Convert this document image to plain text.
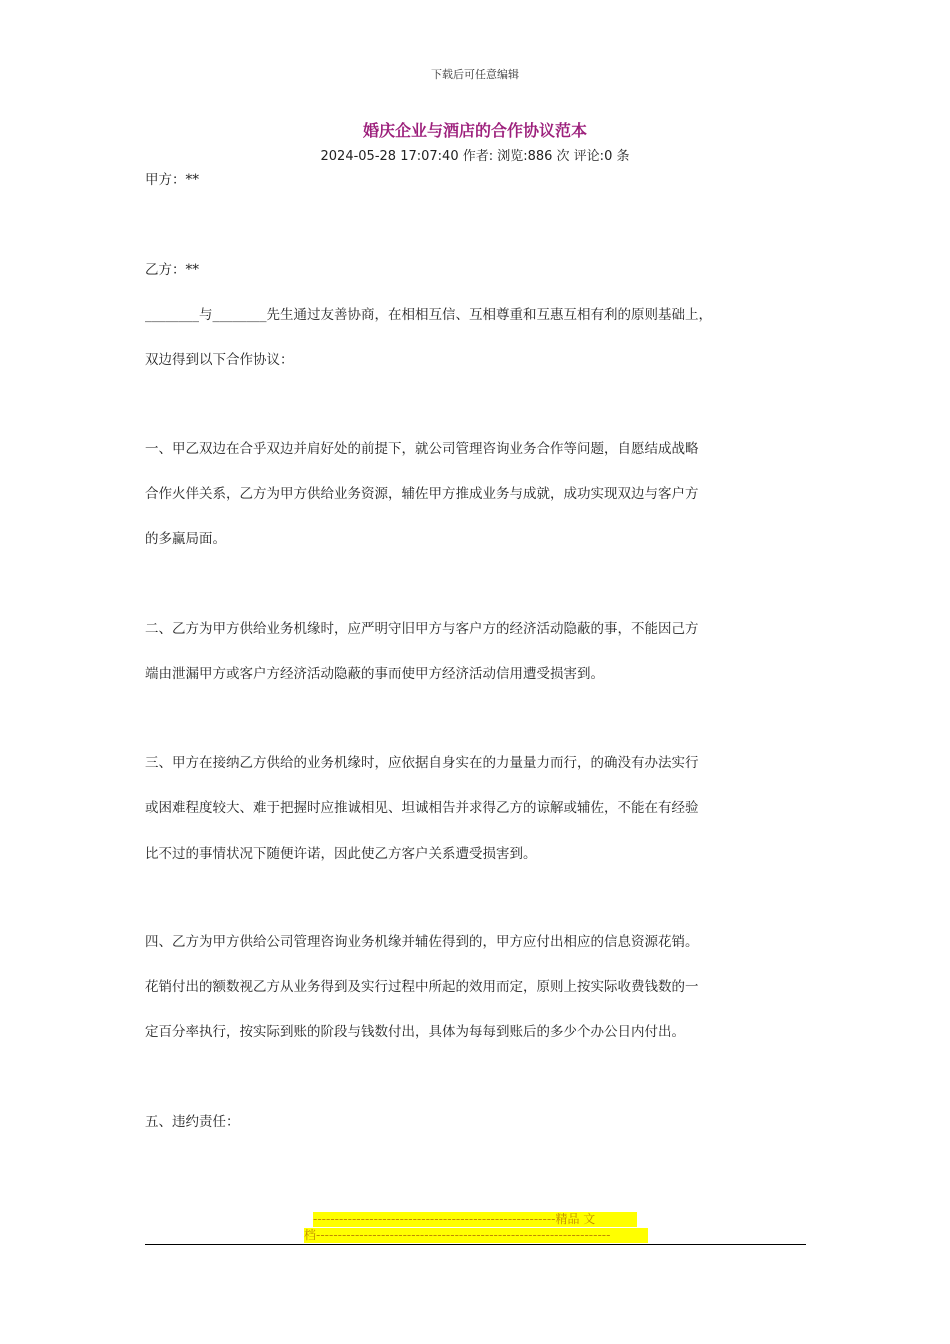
下载后可任意编辑
婚庆企业与酒店的合作协议范本
2024-05-28 17:07:40 作者: 浏览:886 次 评论:0 条
甲方：**
乙方：**
________与________先生通过友善协商，在相相互信、互相尊重和互惠互相有利的原则基础上，
双边得到以下合作协议：
一、甲乙双边在合乎双边并肩好处的前提下，就公司管理咨询业务合作等问题，自愿结成战略
合作火伴关系，乙方为甲方供给业务资源，辅佐甲方推成业务与成就，成功实现双边与客户方
的多赢局面。
二、乙方为甲方供给业务机缘时，应严明守旧甲方与客户方的经济活动隐蔽的事，不能因己方
端由泄漏甲方或客户方经济活动隐蔽的事而使甲方经济活动信用遭受损害到。
三、甲方在接纳乙方供给的业务机缘时，应依据自身实在的力量量力而行，的确没有办法实行
或困难程度较大、难于把握时应推诚相见、坦诚相告并求得乙方的谅解或辅佐，不能在有经验
比不过的事情状况下随便许诺，因此使乙方客户关系遭受损害到。
四、乙方为甲方供给公司管理咨询业务机缘并辅佐得到的，甲方应付出相应的信息资源花销。
花销付出的额数视乙方从业务得到及实行过程中所起的效用而定，原则上按实际收费钱数的一
定百分率执行，按实际到账的阶段与钱数付出，具体为每每到账后的多少个办公日内付出。
五、违约责任：
--------------------------------------------------------精品 文
档--------------------------------------------------------------------
